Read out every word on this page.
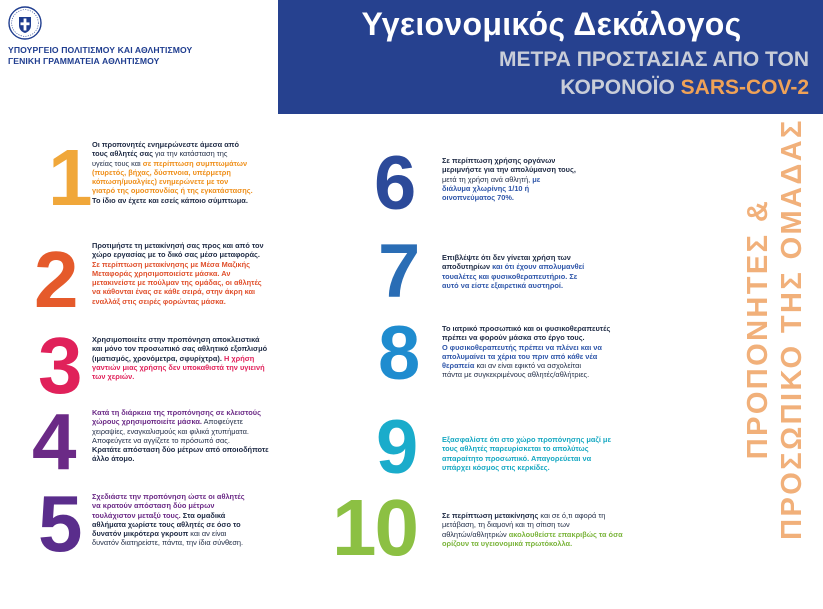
ΥΠΟΥΡΓΕΙΟ ΠΟΛΙΤΙΣΜΟΥ ΚΑΙ ΑΘΛΗΤΙΣΜΟΥ
ΓΕΝΙΚΗ ΓΡΑΜΜΑΤΕΙΑ ΑΘΛΗΤΙΣΜΟΥ
Υγειονομικός Δεκάλογος
ΜΕΤΡΑ ΠΡΟΣΤΑΣΙΑΣ ΑΠΟ ΤΟΝ
ΚΟΡΟΝΟΪΟ SARS-COV-2
ΠΡΟΠΟΝΗΤΕΣ & ΠΡΟΣΩΠΙΚΟ ΤΗΣ ΟΜΑΔΑΣ
1 Οι προπονητές ενημερώνεστε άμεσα από

τους αθλητές σας για την κατάσταση της

υγείας τους και σε περίπτωση συμπτωμάτων

(πυρετός, βήχας, δύσπνοια, υπέρμετρη

κόπωση/μυαλγίες) ενημερώνετε με τον

γιατρό της ομοσπονδίας ή της εγκατάστασης.

Το ίδιο αν έχετε και εσείς κάποιο σύμπτωμα.

2 Προτιμήστε τη μετακίνησή σας προς και από τον

χώρο εργασίας με το δικό σας μέσο μεταφοράς.

Σε περίπτωση μετακίνησης με Μέσα Μαζικής

Μεταφοράς χρησιμοποιείστε μάσκα. Αν

μετακινείστε με πούλμαν της ομάδας, οι αθλητές

να κάθονται ένας σε κάθε σειρά, στην άκρη και

εναλλάξ στις σειρές φορώντας μάσκα.

3 Χρησιμοποιείτε στην προπόνηση αποκλειστικά

και μόνο τον προσωπικό σας αθλητικό εξοπλισμό

(ιματισμός, χρονόμετρα, σφυρίχτρα). Η χρήση

γαντιών μιας χρήσης δεν υποκαθιστά την υγιεινή

των χεριών.

4 Κατά τη διάρκεια της προπόνησης σε κλειστούς

χώρους χρησιμοποιείτε μάσκα. Αποφεύγετε

χειραψίες, εναγκαλισμούς και φιλικά χτυπήματα.

Αποφεύγετε να αγγίζετε το πρόσωπό σας.

Κρατάτε απόσταση δύο μέτρων από οποιοδήποτε

άλλο άτομο.

5 Σχεδιάστε την προπόνηση ώστε οι αθλητές

να κρατούν απόσταση δύο μέτρων

τουλάχιστον μεταξύ τους. Στα ομαδικά

αθλήματα χωρίστε τους αθλητές σε όσο το

δυνατόν μικρότερα γκρουπ και αν είναι

δυνατόν διατηρείστε, πάντα, την ίδια σύνθεση.

6	Σε περίπτωση χρήσης οργάνων

μεριμνήστε για την απολύμανση τους,

μετά τη χρήση ανά αθλητή, με

διάλυμα χλωρίνης 1/10 ή

οινοπνεύματος 70%.

7	Επιβλέψτε ότι δεν γίνεται χρήση των

αποδυτηρίων και ότι έχουν απολυμανθεί

τουαλέτες και φυσικοθεραπευτήριο. Σε

αυτό να είστε εξαιρετικά αυστηροί.

8	Το ιατρικό προσωπικό και οι φυσικοθεραπευτές

πρέπει να φορούν μάσκα στο έργο τους.

Ο φυσικοθεραπευτής πρέπει να πλένει και να

απολυμαίνει τα χέρια του πριν από κάθε νέα

θεραπεία και αν είναι εφικτό να ασχολείται

πάντα με συγκεκριμένους αθλητές/αθλήτριες.

9	Εξασφαλίστε ότι στο χώρο προπόνησης μαζί με

τους αθλητές παρευρίσκεται το απολύτως

απαραίτητο προσωπικό. Απαγορεύεται να

υπάρχει κόσμος στις κερκίδες.

10	Σε περίπτωση μετακίνησης και σε ό,τι αφορά τη

μετάβαση, τη διαμονή και τη σίτιση των

αθλητών/αθλητριών ακολουθείστε επακριβώς τα όσα

ορίζουν τα υγειονομικά πρωτόκολλα.
